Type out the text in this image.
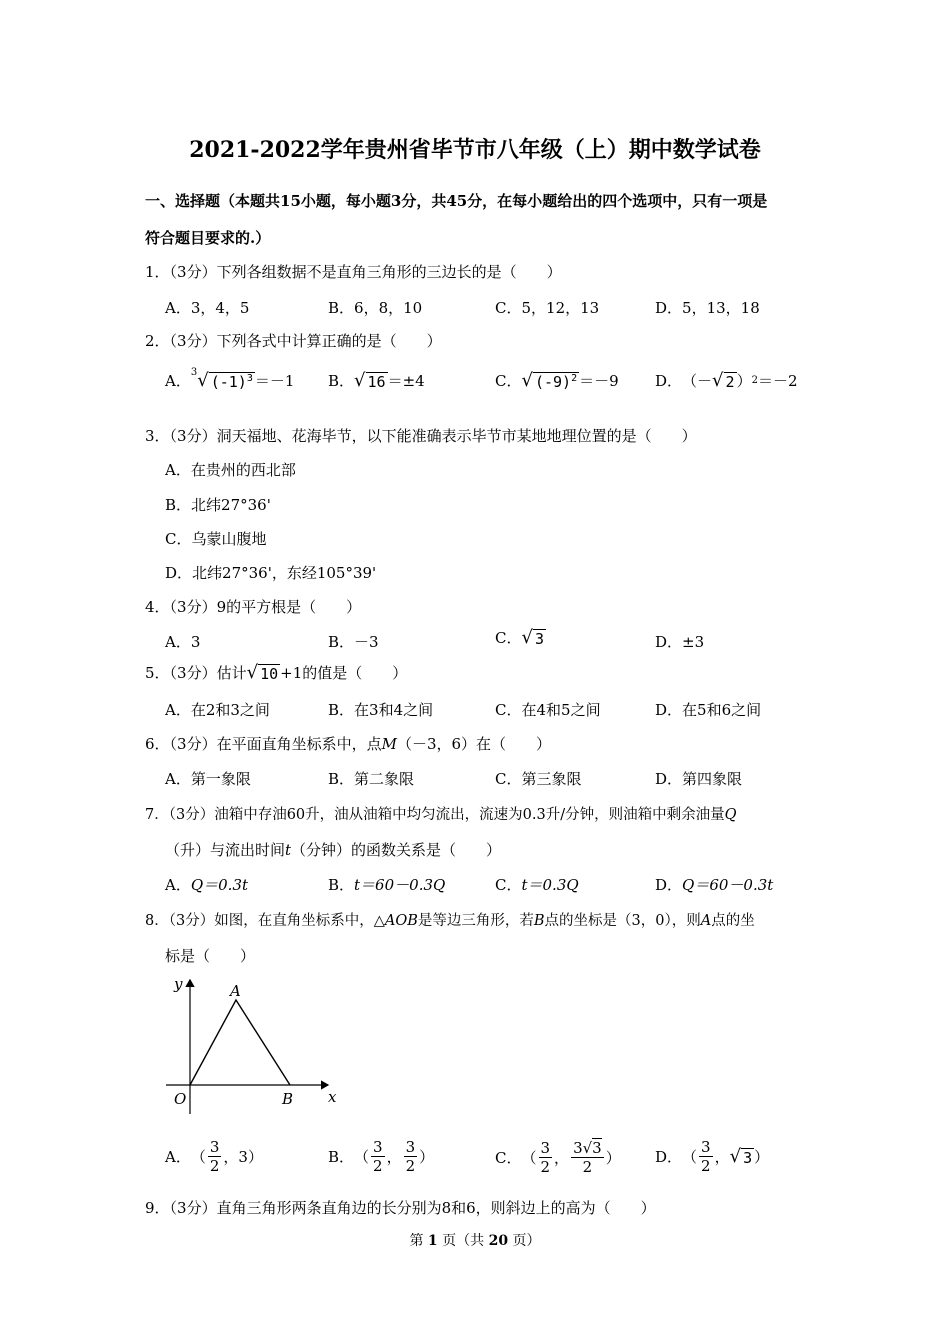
2021-2022学年贵州省毕节市八年级（上）期中数学试卷
一、选择题（本题共15小题，每小题3分，共45分，在每小题给出的四个选项中，只有一项是
符合题目要求的.）
1．（3分）下列各组数据不是直角三角形的三边长的是（　　）
A．3，4，5	B．6，8，10	C．5，12，13	D．5，13，18
2．（3分）下列各式中计算正确的是（　　）
A． 3 √ $(-1)^3 =-1$ B． √ 16 ＝±4	C． √ $(-9)^2 =-9$ D． （－ √ 2 ） 2 ＝－2
3．（3分）洞天福地、花海毕节，以下能准确表示毕节市某地地理位置的是（　　）
A．在贵州的西北部
B．北纬27°36'
C．乌蒙山腹地
D．北纬27°36'，东经105°39'
4．（3分）9的平方根是（　　）
A．3	B．－3	C． √ 3	D．±3
5．（3分）估计 √ 10 +1的值是（　　）
A．在2和3之间	B．在3和4之间	C．在4和5之间	D．在5和6之间
6．（3分）在平面直角坐标系中，点M（－3，6）在（　　）
A．第一象限	B．第二象限	C．第三象限	D．第四象限
7．（3分）油箱中存油60升，油从油箱中均匀流出，流速为0.3升/分钟，则油箱中剩余油量Q
（升）与流出时间t（分钟）的函数关系是（　　）
A．Q＝0.3t	B．t＝60－0.3Q	C．t＝0.3Q	D．Q＝60－0.3t
8．（3分）如图，在直角坐标系中，△AOB是等边三角形，若B点的坐标是（3，0），则A点的坐
标是（　　）
y	A
O	B x
A． （ $\frac{3}{2}$ ， 3 ）	B． （ $\frac{3}{2}$ ， $\frac{3}{2}$ ）	C． （ $\frac{3}{2}$ ， $\frac{3 √ 3}{2}$ ） D． （ $\frac{3}{2}$ ， √ 3 ）
9．（3分）直角三角形两条直角边的长分别为8和6，则斜边上的高为（　　）
第 1 页（共 20 页）
